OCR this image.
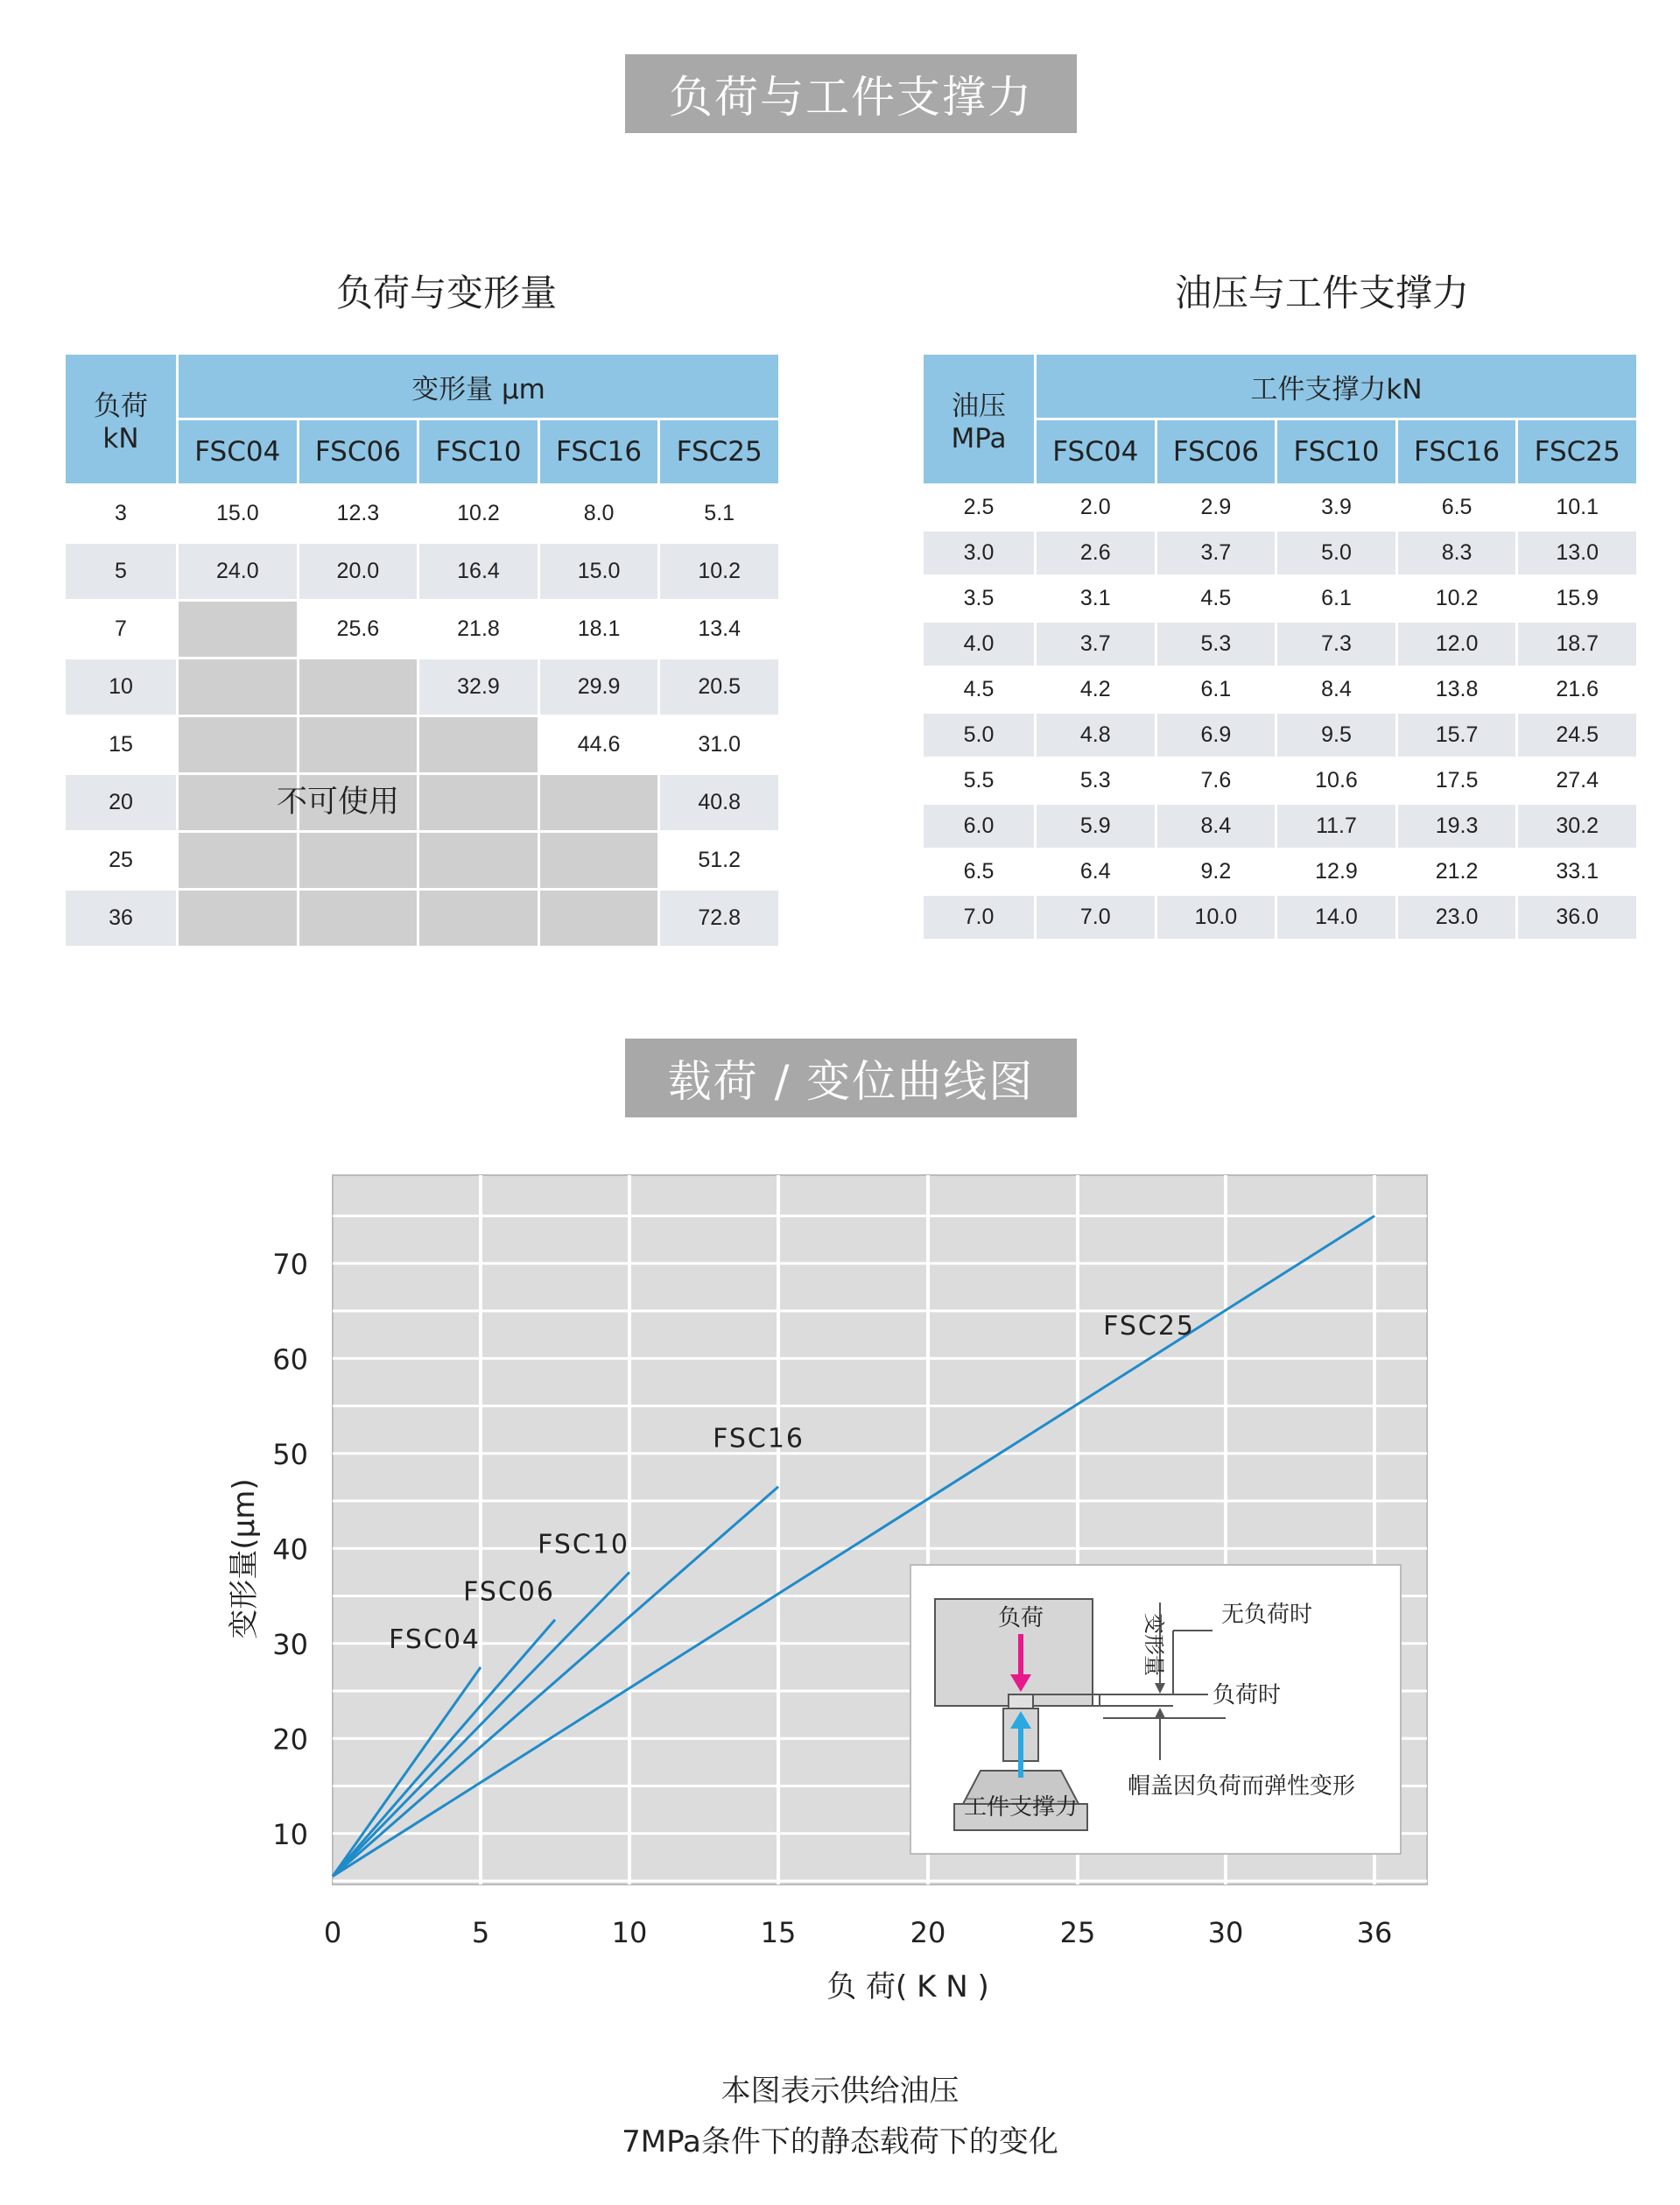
负荷与工件支撑力
载荷 / 变位曲线图
负荷与变形量	油压与工件支撑力
负荷
kN	变形量 μm				
	FSC04	FSC06	FSC10	FSC16	FSC25
3	15.0	12.3	10.2	8.0	5.1
5	24.0	20.0	16.4	15.0	10.2
7		25.6	21.8	18.1	13.4
10			32.9	29.9	20.5
15				44.6	31.0
20					40.8
25					51.2
36					72.8
不可使用
油压
MPa	工件支撑力kN				
	FSC04	FSC06	FSC10	FSC16	FSC25
2.5	2.0	2.9	3.9	6.5	10.1
3.0	2.6	3.7	5.0	8.3	13.0
3.5	3.1	4.5	6.1	10.2	15.9
4.0	3.7	5.3	7.3	12.0	18.7
4.5	4.2	6.1	8.4	13.8	21.6
5.0	4.8	6.9	9.5	15.7	24.5
5.5	5.3	7.6	10.6	17.5	27.4
6.0	5.9	8.4	11.7	19.3	30.2
6.5	6.4	9.2	12.9	21.2	33.1
7.0	7.0	10.0	14.0	23.0	36.0
0	5	10	15	20	25	30	36
10
20
30
40
50
60
70
FSC04
FSC06
FSC10
FSC16
FSC25
变形量(μm)
负 荷( K N )
负荷
工件支撑力
变形量 无负荷时
负荷时
帽盖因负荷而弹性变形
本图表示供给油压
7MPa条件下的静态载荷下的变化
